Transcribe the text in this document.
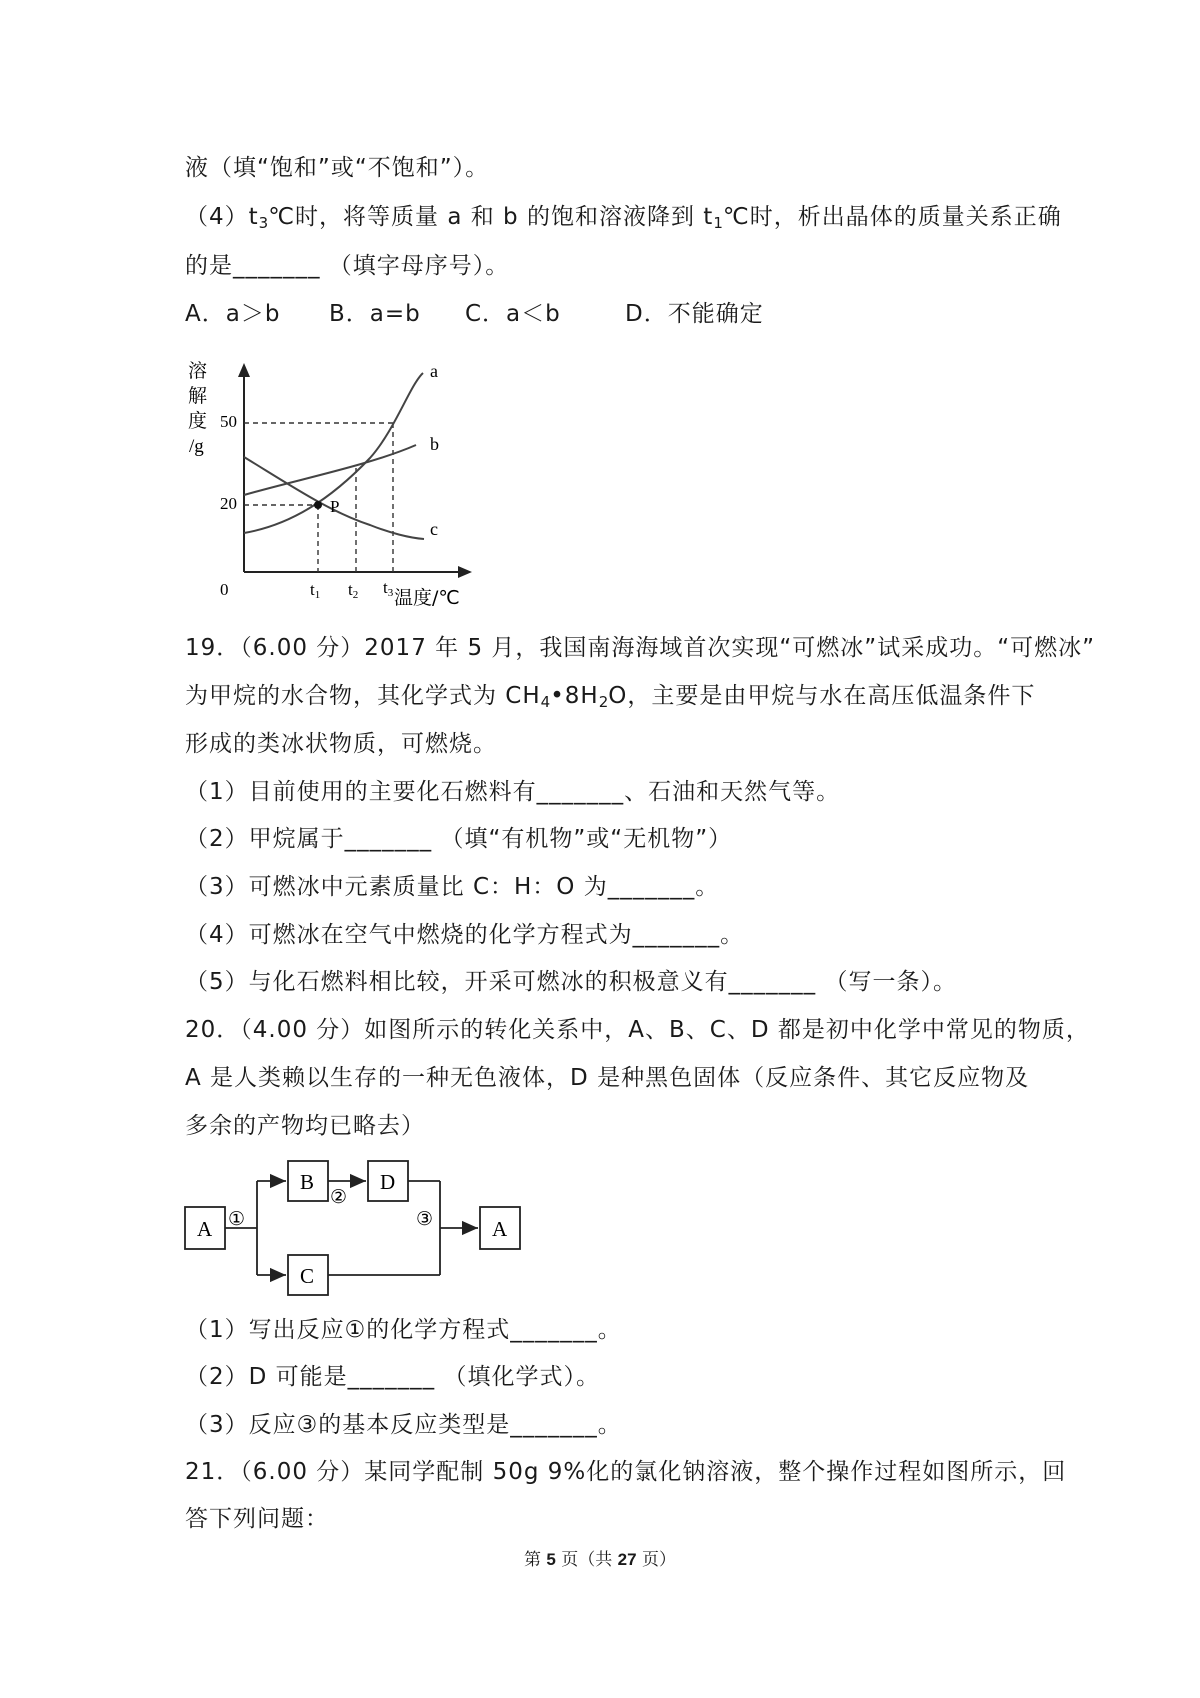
液（填“饱和”或“不饱和”）。
$(4)t_3℃$时，将等质量 a 和 b 的饱和溶液降到 $t_1℃$时，析出晶体的质量关系正确
的是_______ （填字母序号）。
A．a＞b B．a=b C．a＜b	D．不能确定
溶
解
度
/g
50
20
0	t1 t2 t3 温度/℃
a
b
c
P
19．（6.00 分）2017 年 5 月，我国南海海域首次实现“可燃冰”试采成功。“可燃冰”
为甲烷的水合物，其化学式为 $CH_4•8H_2O$，主要是由甲烷与水在高压低温条件下
形成的类冰状物质，可燃烧。
（1）目前使用的主要化石燃料有_______、石油和天然气等。
（2）甲烷属于_______ （填“有机物”或“无机物”）
（3）可燃冰中元素质量比 C：H：O 为_______。
（4）可燃冰在空气中燃烧的化学方程式为_______。
（5）与化石燃料相比较，开采可燃冰的积极意义有_______ （写一条）。
20．（4.00 分）如图所示的转化关系中，A、B、C、D 都是初中化学中常见的物质，
A 是人类赖以生存的一种无色液体，D 是种黑色固体（反应条件、其它反应物及
多余的产物均已略去）
A
B	D
C
A
①
②
③
（1）写出反应①的化学方程式_______。
（2）D 可能是_______ （填化学式）。
（3）反应③的基本反应类型是_______。
21．（6.00 分）某同学配制 50g 9%化的氯化钠溶液，整个操作过程如图所示，回
答下列问题：
第 5 页（共 27 页）
